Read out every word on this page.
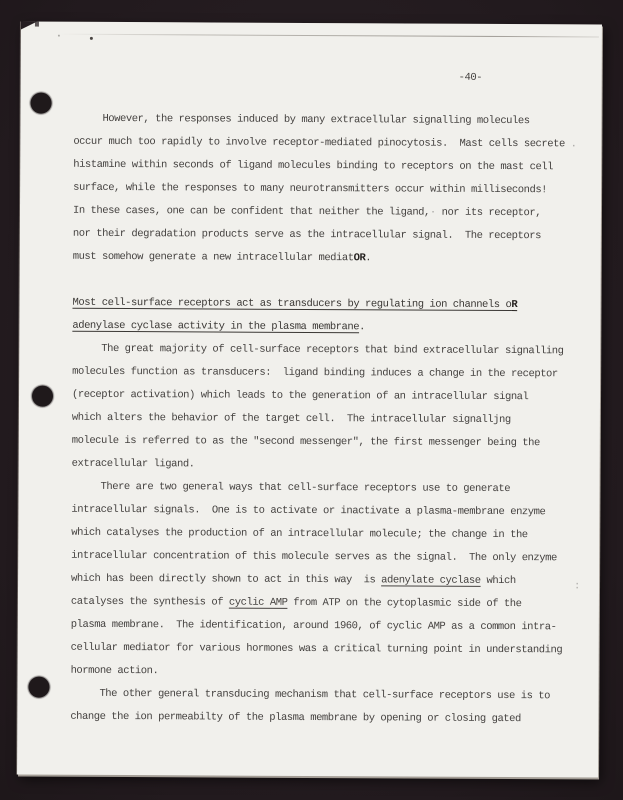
-40-
However, the responses induced by many extracellular signalling molecules
occur much too rapidly to involve receptor-mediated pinocytosis.  Mast cells secrete .
histamine within seconds of ligand molecules binding to receptors on the mast cell
surface, while the responses to many neurotransmitters occur within milliseconds!
In these cases, one can be confident that neither the ligand,· nor its receptor,
nor their degradation products serve as the intracellular signal.  The receptors
must somehow generate a new intracellular mediatOR.

Most cell-surface receptors act as transducers by regulating ion channels oR
adenylase cyclase activity in the plasma membrane.
The great majority of cell-surface receptors that bind extracellular signalling
molecules function as transducers:  ligand binding induces a change in the receptor
(receptor activation) which leads to the generation of an intracellular signal
which alters the behavior of the target cell.  The intracellular signalljng
molecule is referred to as the "second messenger", the first messenger being the
extracellular ligand.
There are two general ways that cell-surface receptors use to generate
intracellular signals.  One is to activate or inactivate a plasma-membrane enzyme
which catalyses the production of an intracellular molecule; the change in the
intracellular concentration of this molecule serves as the signal.  The only enzyme
which has been directly shown to act in this way  is adenylate cyclase which
catalyses the synthesis of cyclic AMP from ATP on the cytoplasmic side of the
plasma membrane.  The identification, around 1960, of cyclic AMP as a common intra-
cellular mediator for various hormones was a critical turning point in understanding
hormone action.
The other general transducing mechanism that cell-surface receptors use is to
change the ion permeabilty of the plasma membrane by opening or closing gated
:
